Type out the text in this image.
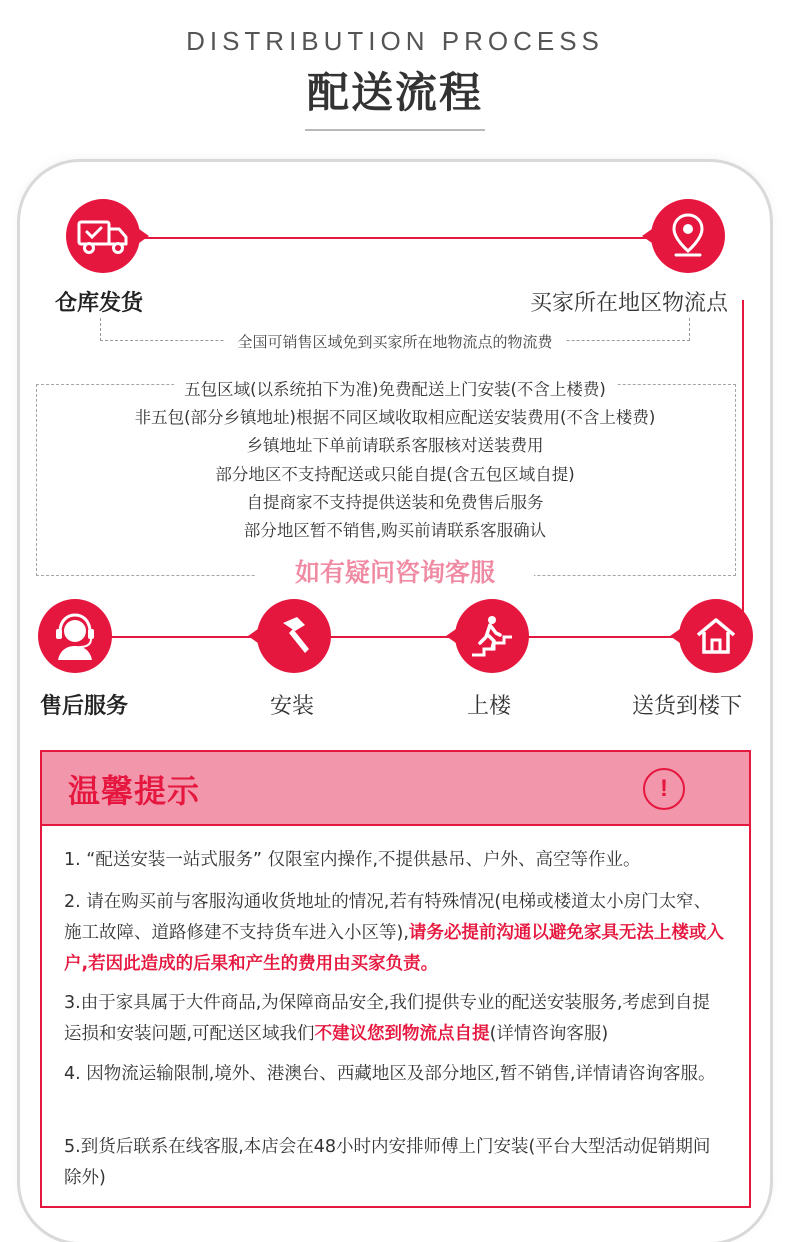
DISTRIBUTION PROCESS
配送流程
仓库发货	买家所在地区物流点
全国可销售区域免到买家所在地物流点的物流费
五包区域(以系统拍下为准)免费配送上门安装(不含上楼费)
非五包(部分乡镇地址)根据不同区域收取相应配送安装费用(不含上楼费)
乡镇地址下单前请联系客服核对送装费用
部分地区不支持配送或只能自提(含五包区域自提)
自提商家不支持提供送装和免费售后服务
部分地区暂不销售,购买前请联系客服确认
如有疑问咨询客服
售后服务	安装	上楼	送货到楼下
温馨提示	!
1. “配送安装一站式服务” 仅限室内操作,不提供悬吊、户外、高空等作业。
2. 请在购买前与客服沟通收货地址的情况,若有特殊情况(电梯或楼道太小房门太窄、施工故障、道路修建不支持货车进入小区等),请务必提前沟通以避免家具无法上楼或入户,若因此造成的后果和产生的费用由买家负责。
3.由于家具属于大件商品,为保障商品安全,我们提供专业的配送安装服务,考虑到自提运损和安装问题,可配送区域我们不建议您到物流点自提(详情咨询客服)
4. 因物流运输限制,境外、港澳台、西藏地区及部分地区,暂不销售,详情请咨询客服。
5.到货后联系在线客服,本店会在48小时内安排师傅上门安装(平台大型活动促销期间除外)
